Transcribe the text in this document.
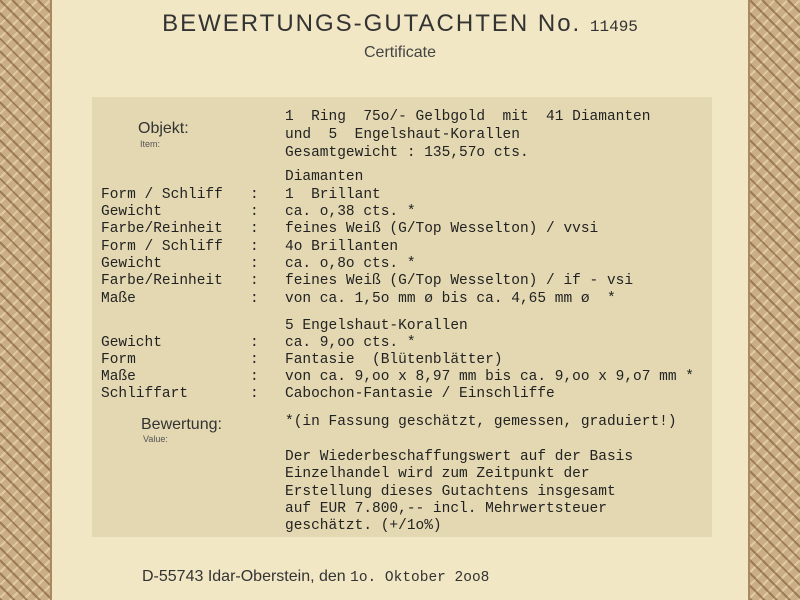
BEWERTUNGS-GUTACHTEN No. 11495
Certificate
Objekt:
Item:
1  Ring  75o/- Gelbgold  mit  41 Diamanten
und  5  Engelshaut-Korallen
Gesamtgewicht : 135,57o cts.
Diamanten
Form / Schliff : 1  Brillant
Gewicht	: ca. o,38 cts. *
Farbe/Reinheit : feines Weiß (G/Top Wesselton) / vvsi
Form / Schliff : 4o Brillanten
Gewicht	: ca. o,8o cts. *
Farbe/Reinheit : feines Weiß (G/Top Wesselton) / if - vsi
Maße	: von ca. 1,5o mm ø bis ca. 4,65 mm ø  *
5 Engelshaut-Korallen
Gewicht	: ca. 9,oo cts. *
Form	: Fantasie  (Blütenblätter)
Maße	: von ca. 9,oo x 8,97 mm bis ca. 9,oo x 9,o7 mm *
Schliffart	: Cabochon-Fantasie / Einschliffe
Bewertung:
Value:
*(in Fassung geschätzt, gemessen, graduiert!)
Der Wiederbeschaffungswert auf der Basis
Einzelhandel wird zum Zeitpunkt der
Erstellung dieses Gutachtens insgesamt
auf EUR 7.800,-- incl. Mehrwertsteuer
geschätzt. (+/1o%)
D-55743 Idar-Oberstein, den 1o. Oktober 2oo8
